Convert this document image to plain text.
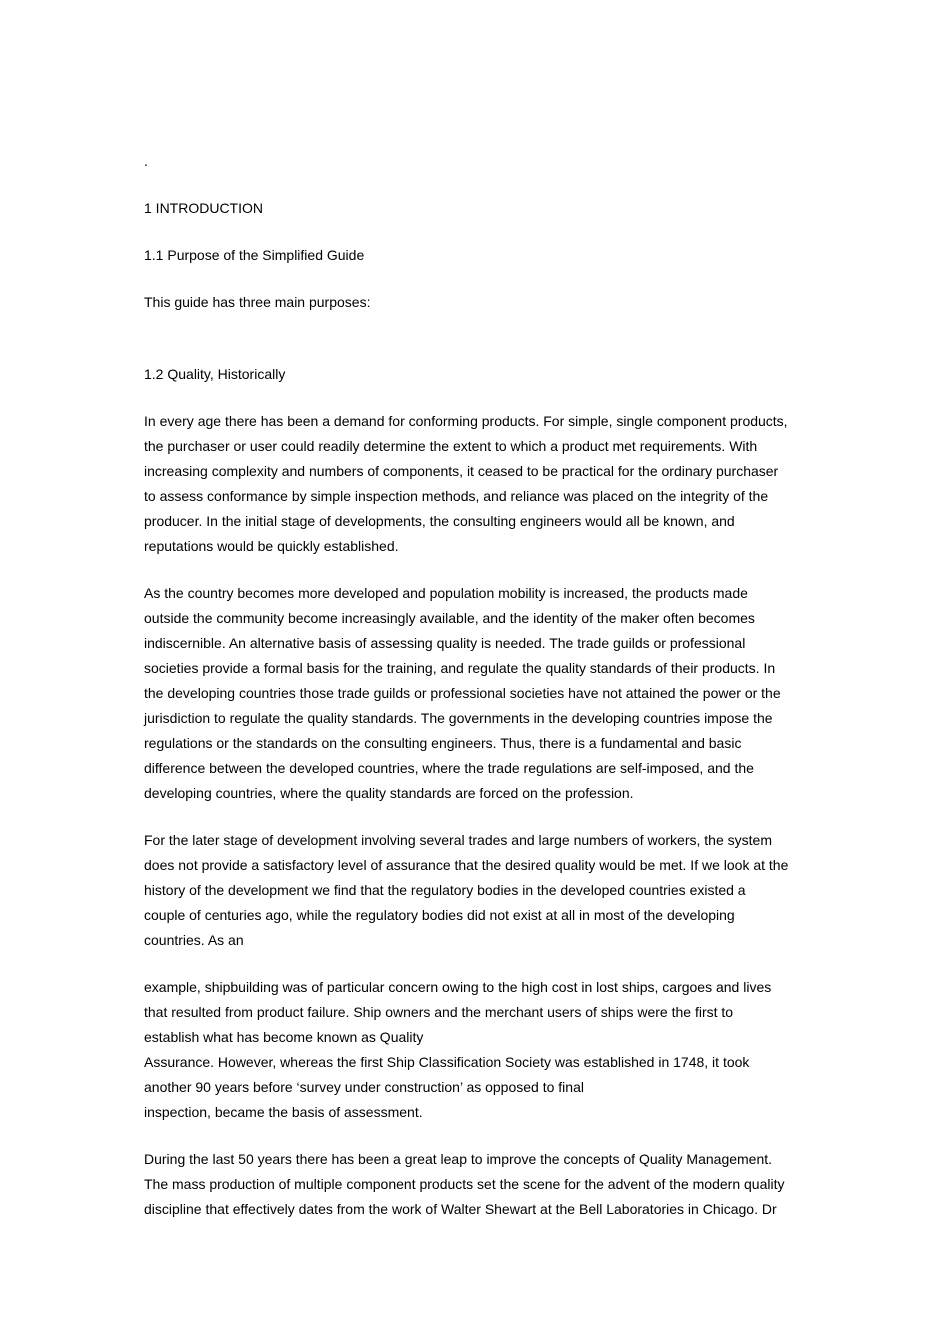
.

1 INTRODUCTION

1.1 Purpose of the Simplified Guide

This guide has three main purposes:

1.2 Quality, Historically

In every age there has been a demand for conforming products. For simple, single component products,
the purchaser or user could readily determine the extent to which a product met requirements. With
increasing complexity and numbers of components, it ceased to be practical for the ordinary purchaser
to assess conformance by simple inspection methods, and reliance was placed on the integrity of the
producer. In the initial stage of developments, the consulting engineers would all be known, and
reputations would be quickly established.

As the country becomes more developed and population mobility is increased, the products made
outside the community become increasingly available, and the identity of the maker often becomes
indiscernible. An alternative basis of assessing quality is needed. The trade guilds or professional
societies provide a formal basis for the training, and regulate the quality standards of their products. In
the developing countries those trade guilds or professional societies have not attained the power or the
jurisdiction to regulate the quality standards. The governments in the developing countries impose the
regulations or the standards on the consulting engineers. Thus, there is a fundamental and basic
difference between the developed countries, where the trade regulations are self-imposed, and the
developing countries, where the quality standards are forced on the profession.

For the later stage of development involving several trades and large numbers of workers, the system
does not provide a satisfactory level of assurance that the desired quality would be met. If we look at the
history of the development we find that the regulatory bodies in the developed countries existed a
couple of centuries ago, while the regulatory bodies did not exist at all in most of the developing
countries. As an

example, shipbuilding was of particular concern owing to the high cost in lost ships, cargoes and lives
that resulted from product failure. Ship owners and the merchant users of ships were the first to
establish what has become known as Quality
Assurance. However, whereas the first Ship Classification Society was established in 1748, it took
another 90 years before ‘survey under construction’ as opposed to final
inspection, became the basis of assessment.

During the last 50 years there has been a great leap to improve the concepts of Quality Management.
The mass production of multiple component products set the scene for the advent of the modern quality
discipline that effectively dates from the work of Walter Shewart at the Bell Laboratories in Chicago. Dr
